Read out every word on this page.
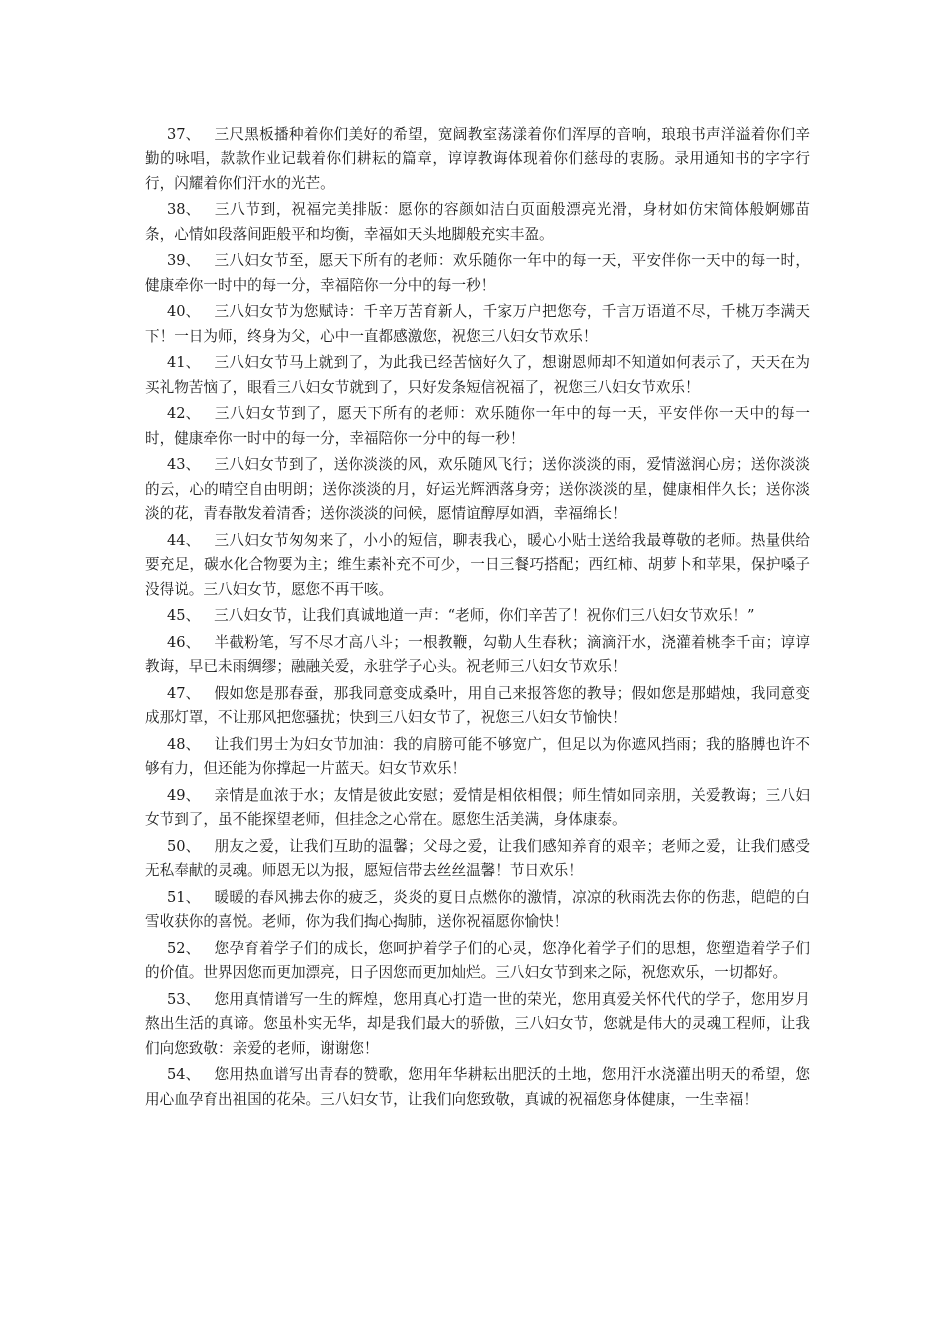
37、 三尺黑板播种着你们美好的希望，宽阔教室荡漾着你们浑厚的音响，琅琅书声洋溢着你们辛勤的咏唱，款款作业记载着你们耕耘的篇章，谆谆教诲体现着你们慈母的衷肠。录用通知书的字字行行，闪耀着你们汗水的光芒。

38、 三八节到，祝福完美排版：愿你的容颜如洁白页面般漂亮光滑，身材如仿宋简体般婀娜苗条，心情如段落间距般平和均衡，幸福如天头地脚般充实丰盈。

39、 三八妇女节至，愿天下所有的老师：欢乐随你一年中的每一天，平安伴你一天中的每一时，健康牵你一时中的每一分，幸福陪你一分中的每一秒！

40、 三八妇女节为您赋诗：千辛万苦育新人，千家万户把您夸，千言万语道不尽，千桃万李满天下！一日为师，终身为父，心中一直都感激您，祝您三八妇女节欢乐！

41、 三八妇女节马上就到了，为此我已经苦恼好久了，想谢恩师却不知道如何表示了，天天在为买礼物苦恼了，眼看三八妇女节就到了，只好发条短信祝福了，祝您三八妇女节欢乐！

42、 三八妇女节到了，愿天下所有的老师：欢乐随你一年中的每一天，平安伴你一天中的每一时，健康牵你一时中的每一分，幸福陪你一分中的每一秒！

43、 三八妇女节到了，送你淡淡的风，欢乐随风飞行；送你淡淡的雨，爱情滋润心房；送你淡淡的云，心的晴空自由明朗；送你淡淡的月，好运光辉洒落身旁；送你淡淡的星，健康相伴久长；送你淡淡的花，青春散发着清香；送你淡淡的问候，愿情谊醇厚如酒，幸福绵长！

44、 三八妇女节匆匆来了，小小的短信，聊表我心，暖心小贴士送给我最尊敬的老师。热量供给要充足，碳水化合物要为主；维生素补充不可少，一日三餐巧搭配；西红柿、胡萝卜和苹果，保护嗓子没得说。三八妇女节，愿您不再干咳。

45、 三八妇女节，让我们真诚地道一声：“老师，你们辛苦了！祝你们三八妇女节欢乐！”

46、 半截粉笔，写不尽才高八斗；一根教鞭，勾勒人生春秋；滴滴汗水，浇灌着桃李千亩；谆谆教诲，早已未雨绸缪；融融关爱，永驻学子心头。祝老师三八妇女节欢乐！

47、 假如您是那春蚕，那我同意变成桑叶，用自己来报答您的教导；假如您是那蜡烛，我同意变成那灯罩，不让那风把您骚扰；快到三八妇女节了，祝您三八妇女节愉快！

48、 让我们男士为妇女节加油：我的肩膀可能不够宽广，但足以为你遮风挡雨；我的胳膊也许不够有力，但还能为你撑起一片蓝天。妇女节欢乐！

49、 亲情是血浓于水；友情是彼此安慰；爱情是相依相偎；师生情如同亲朋，关爱教诲；三八妇女节到了，虽不能探望老师，但挂念之心常在。愿您生活美满，身体康泰。

50、 朋友之爱，让我们互助的温馨；父母之爱，让我们感知养育的艰辛；老师之爱，让我们感受无私奉献的灵魂。师恩无以为报，愿短信带去丝丝温馨！节日欢乐！

51、 暖暖的春风拂去你的疲乏，炎炎的夏日点燃你的激情，凉凉的秋雨洗去你的伤悲，皑皑的白雪收获你的喜悦。老师，你为我们掏心掏肺，送你祝福愿你愉快！

52、 您孕育着学子们的成长，您呵护着学子们的心灵，您净化着学子们的思想，您塑造着学子们的价值。世界因您而更加漂亮，日子因您而更加灿烂。三八妇女节到来之际，祝您欢乐，一切都好。

53、 您用真情谱写一生的辉煌，您用真心打造一世的荣光，您用真爱关怀代代的学子，您用岁月熬出生活的真谛。您虽朴实无华，却是我们最大的骄傲，三八妇女节，您就是伟大的灵魂工程师，让我们向您致敬：亲爱的老师，谢谢您！

54、 您用热血谱写出青春的赞歌，您用年华耕耘出肥沃的土地，您用汗水浇灌出明天的希望，您用心血孕育出祖国的花朵。三八妇女节，让我们向您致敬，真诚的祝福您身体健康，一生幸福！
